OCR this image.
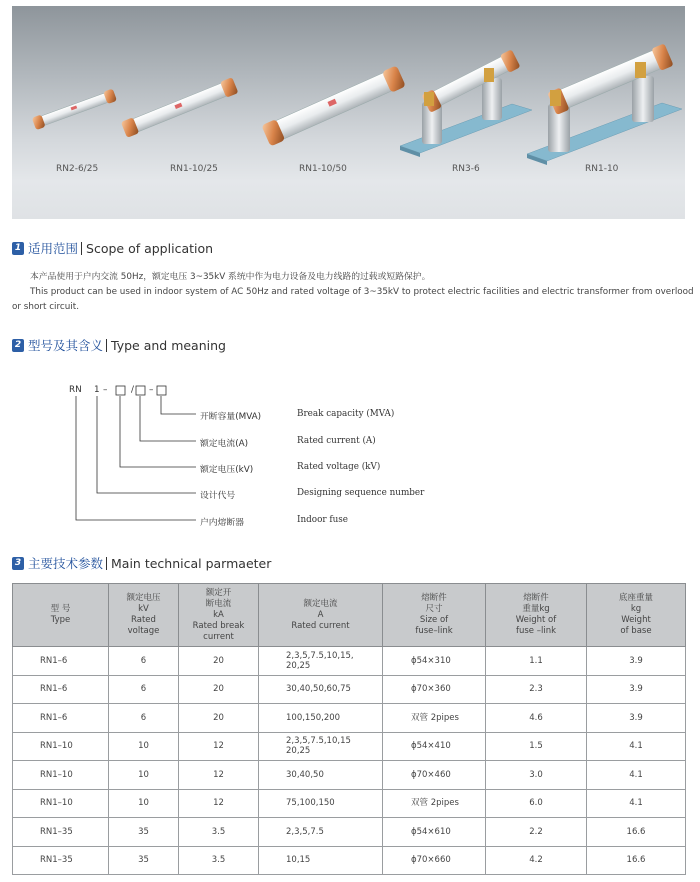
RN2-6/25	RN1-10/25	RN1-10/50	RN3-6	RN1-10
1 适用范围 Scope of application
本产品使用于户内交流 50Hz，额定电压 3~35kV 系统中作为电力设备及电力线路的过载或短路保护。
This product can be used in indoor system of AC 50Hz and rated voltage of 3~35kV to protect electric facilities and electric transformer from overlood
or short circuit.
2 型号及其含义 Type and meaning
RN 1 –	/ –
开断容量(MVA)	Break capacity (MVA)
额定电流(A)	Rated current (A)
额定电压(kV)	Rated voltage (kV)
设计代号	Designing sequence number
户内熔断器	Indoor fuse
3 主要技术参数 Main technical parmaeter
型 号
Type	额定电压
kV
Rated
voltage	额定开
断电流
kA
Rated break
current	额定电流
A
Rated current	熔断件
尺寸
Size of
fuse–link	熔断件
重量kg
Weight of
fuse –link	底座重量
kg
Weight
of base

RN1–6	6	20	2,3,5,7.5,10,15,
20,25	ϕ54×310	1.1	3.9
RN1–6	6	20	30,40,50,60,75	ϕ70×360	2.3	3.9
RN1–6	6	20	100,150,200	双管 2pipes	4.6	3.9
RN1–10	10	12	2,3,5,7.5,10,15
20,25	ϕ54×410	1.5	4.1
RN1–10	10	12	30,40,50	ϕ70×460	3.0	4.1
RN1–10	10	12	75,100,150	双管 2pipes	6.0	4.1
RN1–35	35	3.5	2,3,5,7.5	ϕ54×610	2.2	16.6
RN1–35	35	3.5	10,15	ϕ70×660	4.2	16.6
